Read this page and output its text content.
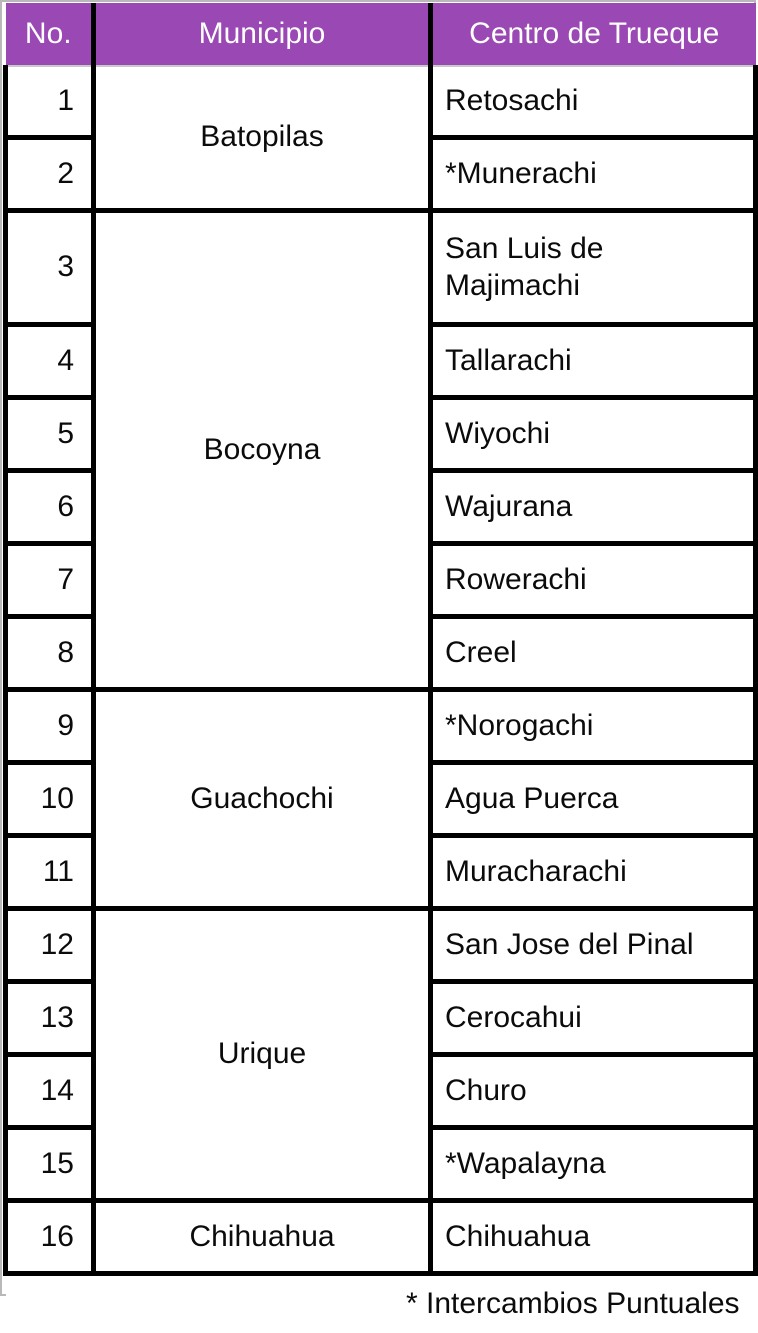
No.	Municipio	Centro de Trueque
1	Batopilas	Retosachi
2		*Munerachi
3	Bocoyna	San Luis de Majimachi
4		Tallarachi
5		Wiyochi
6		Wajurana
7		Rowerachi
8		Creel
9	Guachochi	*Norogachi
10		Agua Puerca
11		Muracharachi
12	Urique	San Jose del Pinal
13		Cerocahui
14		Churo
15		*Wapalayna
16	Chihuahua	Chihuahua
* Intercambios Puntuales		
